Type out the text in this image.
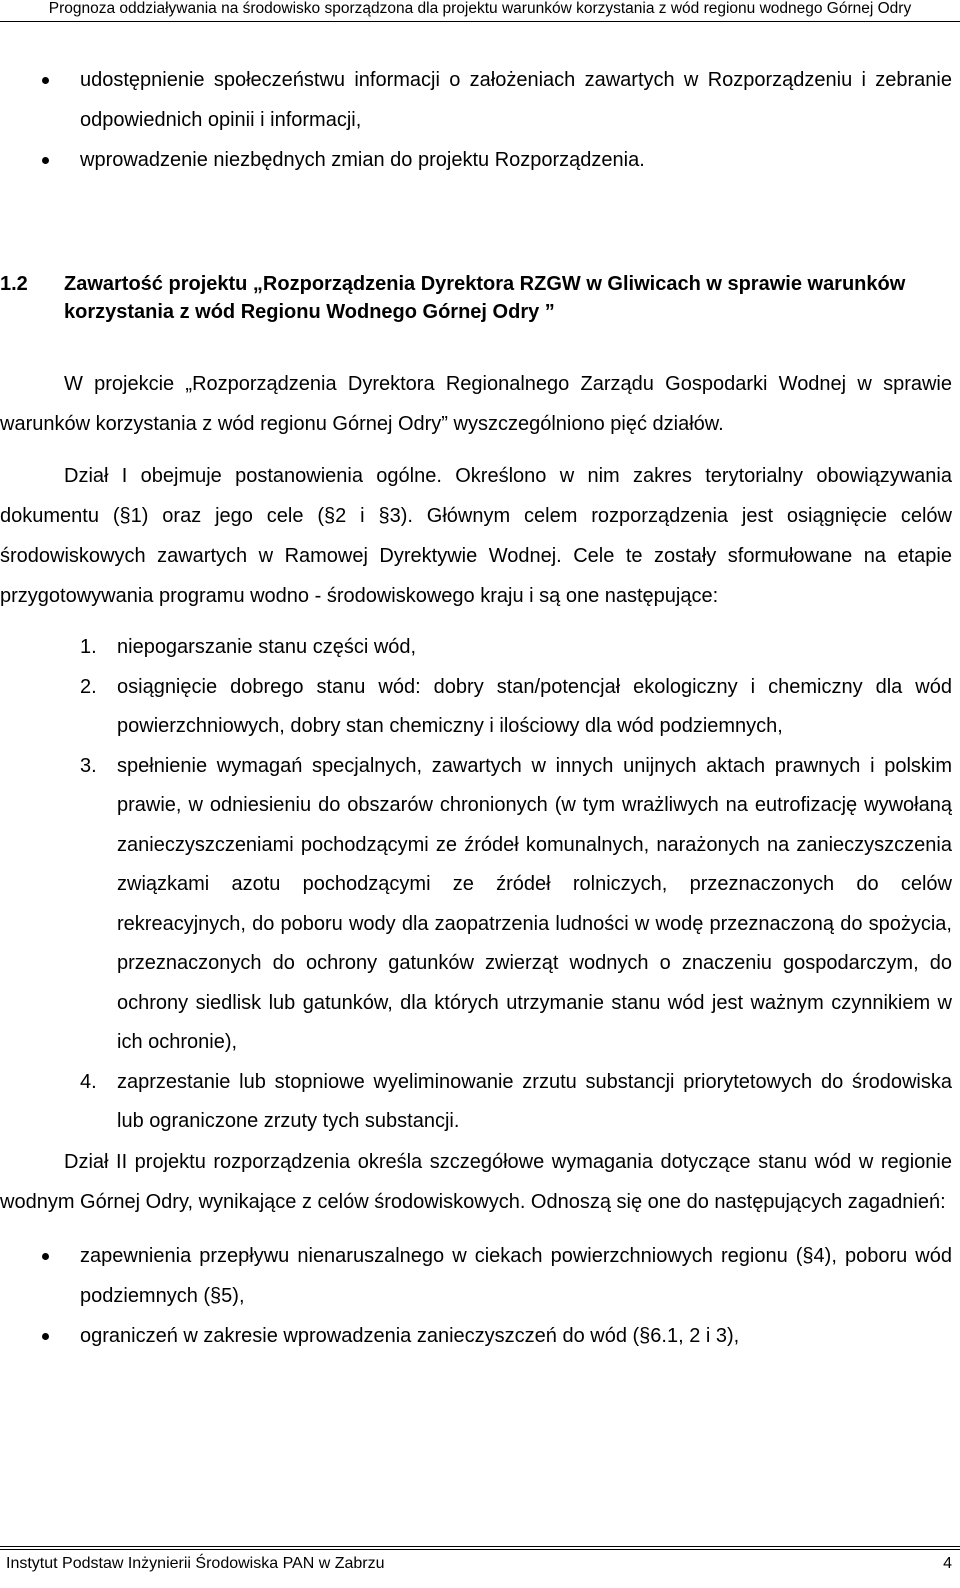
Prognoza oddziaływania na środowisko sporządzona dla projektu warunków korzystania z wód regionu wodnego Górnej Odry
udostępnienie społeczeństwu informacji o założeniach zawartych w Rozporządzeniu i zebranie odpowiednich opinii i informacji,
wprowadzenie niezbędnych zmian do projektu Rozporządzenia.
1.2 Zawartość projektu „Rozporządzenia Dyrektora RZGW w Gliwicach w sprawie warunków korzystania z wód Regionu Wodnego Górnej Odry ”

W projekcie „Rozporządzenia Dyrektora Regionalnego Zarządu Gospodarki Wodnej w sprawie warunków korzystania z wód regionu Górnej Odry” wyszczególniono pięć działów.

Dział I obejmuje postanowienia ogólne. Określono w nim zakres terytorialny obowiązywania dokumentu (§1) oraz jego cele (§2 i §3). Głównym celem rozporządzenia jest osiągnięcie celów środowiskowych zawartych w Ramowej Dyrektywie Wodnej. Cele te zostały sformułowane na etapie przygotowywania programu wodno - środowiskowego kraju i są one następujące:

1. niepogarszanie stanu części wód,
2. osiągnięcie dobrego stanu wód: dobry stan/potencjał ekologiczny i chemiczny dla wód powierzchniowych, dobry stan chemiczny i ilościowy dla wód podziemnych,
3. spełnienie wymagań specjalnych, zawartych w innych unijnych aktach prawnych i polskim prawie, w odniesieniu do obszarów chronionych (w tym wrażliwych na eutrofizację wywołaną zanieczyszczeniami pochodzącymi ze źródeł komunalnych, narażonych na zanieczyszczenia związkami azotu pochodzącymi ze źródeł rolniczych, przeznaczonych do celów rekreacyjnych, do poboru wody dla zaopatrzenia ludności w wodę przeznaczoną do spożycia, przeznaczonych do ochrony gatunków zwierząt wodnych o znaczeniu gospodarczym, do ochrony siedlisk lub gatunków, dla których utrzymanie stanu wód jest ważnym czynnikiem w ich ochronie),
4. zaprzestanie lub stopniowe wyeliminowanie zrzutu substancji priorytetowych do środowiska lub ograniczone zrzuty tych substancji.

Dział II projektu rozporządzenia określa szczegółowe wymagania dotyczące stanu wód w regionie wodnym Górnej Odry, wynikające z celów środowiskowych. Odnoszą się one do następujących zagadnień:

zapewnienia przepływu nienaruszalnego w ciekach powierzchniowych regionu (§4), poboru wód podziemnych (§5),
ograniczeń w zakresie wprowadzenia zanieczyszczeń do wód (§6.1, 2 i 3),
Instytut Podstaw Inżynierii Środowiska PAN w Zabrzu	4
